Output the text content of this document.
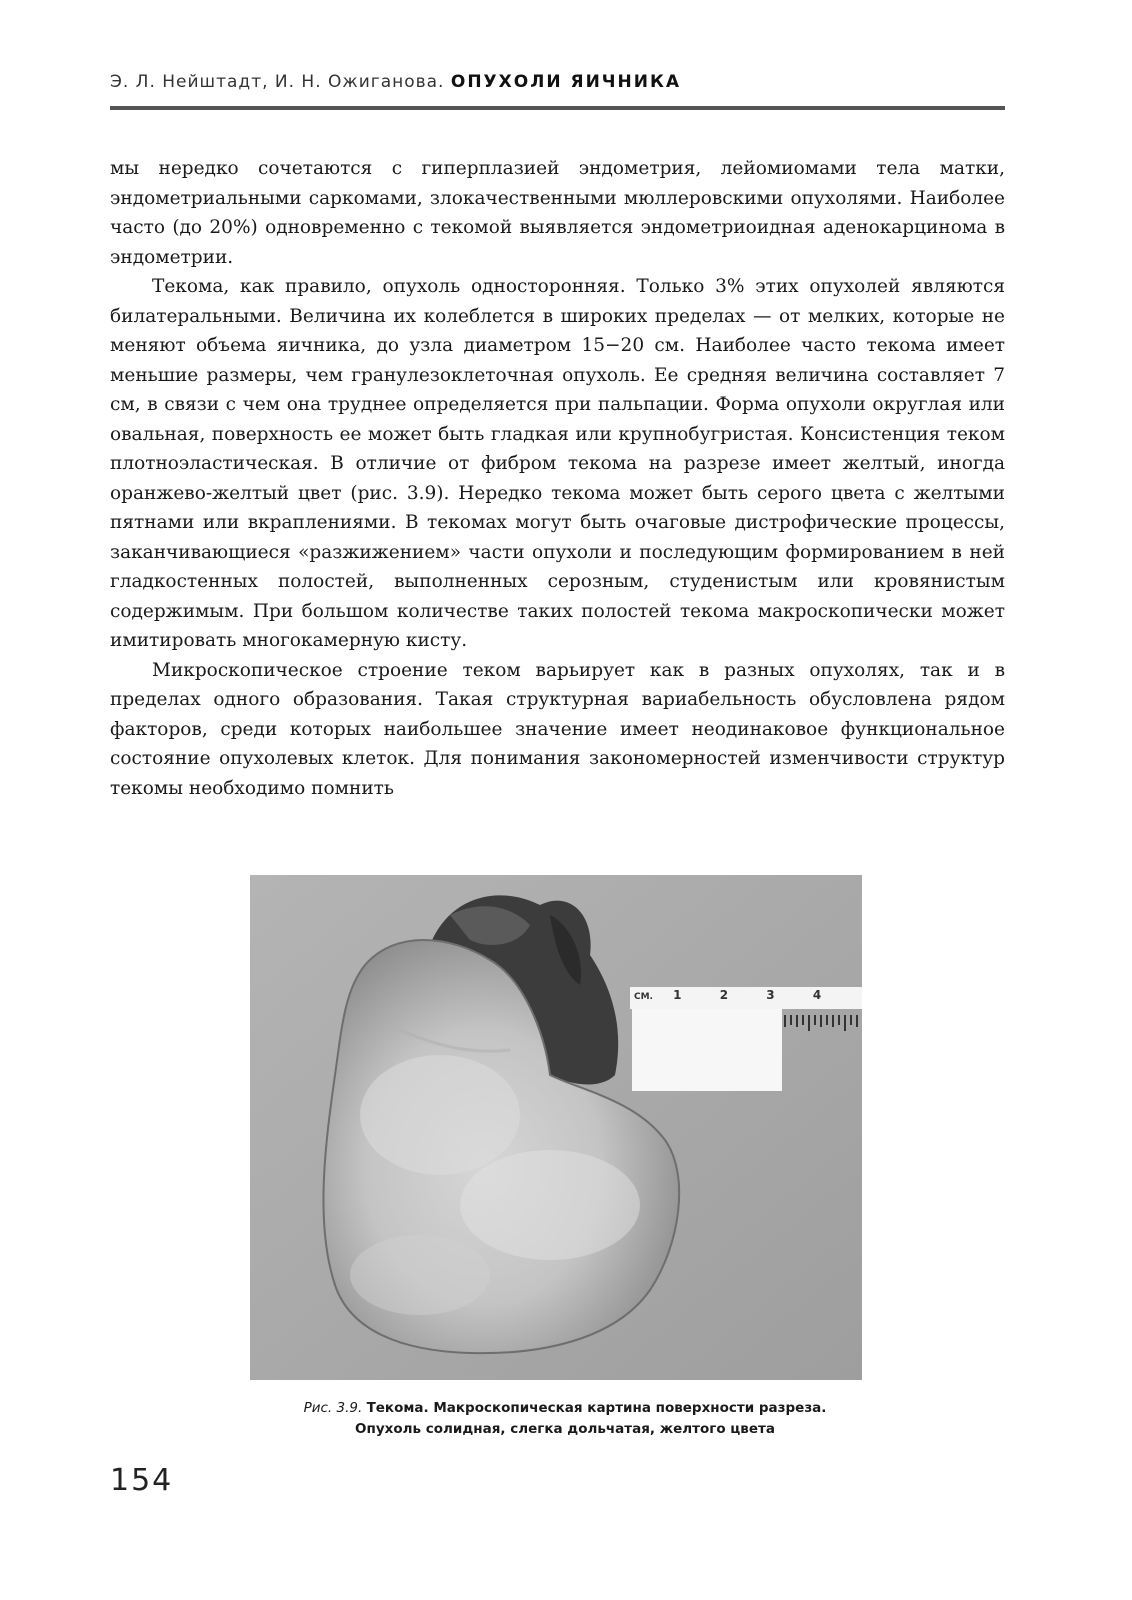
Э. Л. Нейштадт, И. Н. Ожиганова. ОПУХОЛИ ЯИЧНИКА

мы нередко сочетаются с гиперплазией эндометрия, лейомиомами тела матки, эндометриальными саркомами, злокачественными мюллеровскими опухолями. Наиболее часто (до 20%) одновременно с текомой выявляется эндометриоидная аденокарцинома в эндометрии.

Текома, как правило, опухоль односторонняя. Только 3% этих опухолей являются билатеральными. Величина их колеблется в широких пределах — от мелких, которые не меняют объема яичника, до узла диаметром 15−20 см. Наиболее часто текома имеет меньшие размеры, чем гранулезоклеточная опухоль. Ее средняя величина составляет 7 см, в связи с чем она труднее определяется при пальпации. Форма опухоли округлая или овальная, поверхность ее может быть гладкая или крупнобугристая. Консистенция теком плотноэластическая. В отличие от фибром текома на разрезе имеет желтый, иногда оранжево-желтый цвет (рис. 3.9). Нередко текома может быть серого цвета с желтыми пятнами или вкраплениями. В текомах могут быть очаговые дистрофические процессы, заканчивающиеся «разжижением» части опухоли и последующим формированием в ней гладкостенных полостей, выполненных серозным, студенистым или кровянистым содержимым. При большом количестве таких полостей текома макроскопически может имитировать многокамерную кисту.

Микроскопическое строение теком варьирует как в разных опухолях, так и в пределах одного образования. Такая структурная вариабельность обусловлена рядом факторов, среди которых наибольшее значение имеет неодинаковое функциональное состояние опухолевых клеток. Для понимания закономерностей изменчивости структур текомы необходимо помнить

CM. 1	2	3	4
Рис. 3.9. Текома. Макроскопическая картина поверхности разреза.
Опухоль солидная, слегка дольчатая, желтого цвета
154
